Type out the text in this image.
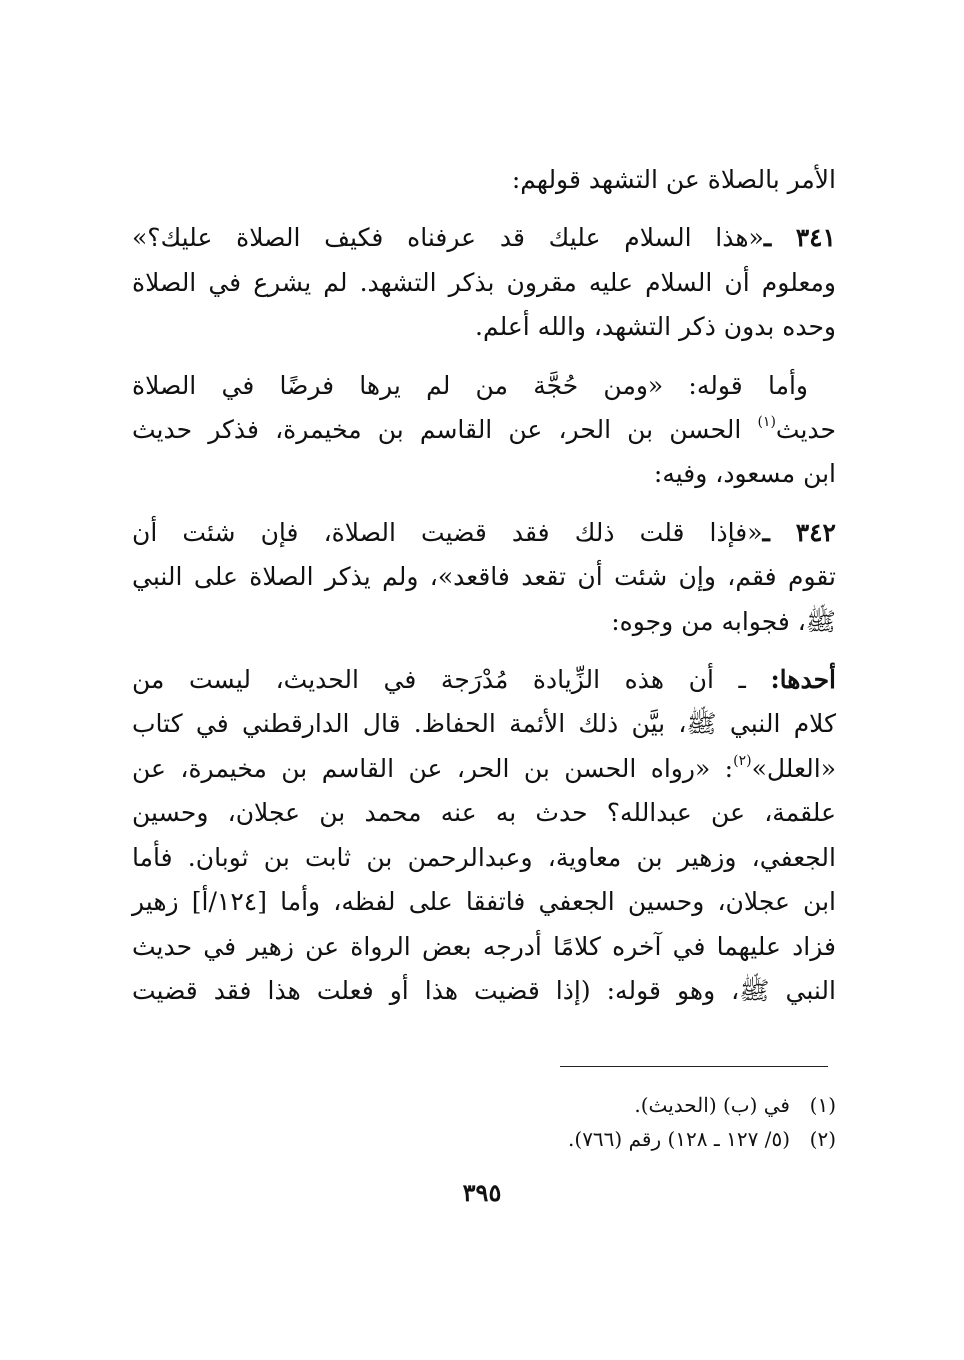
الأمر بالصلاة عن التشهد قولهم:

٣٤١ ـ«هذا السلام عليك قد عرفناه فكيف الصلاة عليك؟»
ومعلوم أن السلام عليه مقرون بذكر التشهد. لم يشرع في الصلاة
وحده بدون ذكر التشهد، والله أعلم.

وأما قوله: «ومن حُجَّة من لم يرها فرضًا في الصلاة
حديث$^{(١)}$ الحسن بن الحر، عن القاسم بن مخيمرة، فذكر حديث
ابن مسعود، وفيه:

٣٤٢ ـ«فإذا قلت ذلك فقد قضيت الصلاة، فإن شئت أن
تقوم فقم، وإن شئت أن تقعد فاقعد»، ولم يذكر الصلاة على النبي
ﷺ، فجوابه من وجوه:

أحدها: ـ أن هذه الزِّيادة مُدْرَجة في الحديث، ليست من
كلام النبي ﷺ، بيَّن ذلك الأئمة الحفاظ. قال الدارقطني في كتاب
«العلل»$^{(٢)}$: «رواه الحسن بن الحر، عن القاسم بن مخيمرة، عن
علقمة، عن عبدالله؟ حدث به عنه محمد بن عجلان، وحسين
الجعفي، وزهير بن معاوية، وعبدالرحمن بن ثابت بن ثوبان. فأما
ابن عجلان، وحسين الجعفي فاتفقا على لفظه، وأما [١٢٤/أ] زهير
فزاد عليهما في آخره كلامًا أدرجه بعض الرواة عن زهير في حديث
النبي ﷺ، وهو قوله: (إذا قضيت هذا أو فعلت هذا فقد قضيت

(١)في (ب) (الحديث).
(٢)(٥/ ١٢٧ ـ ١٢٨) رقم (٧٦٦).
٣٩٥
